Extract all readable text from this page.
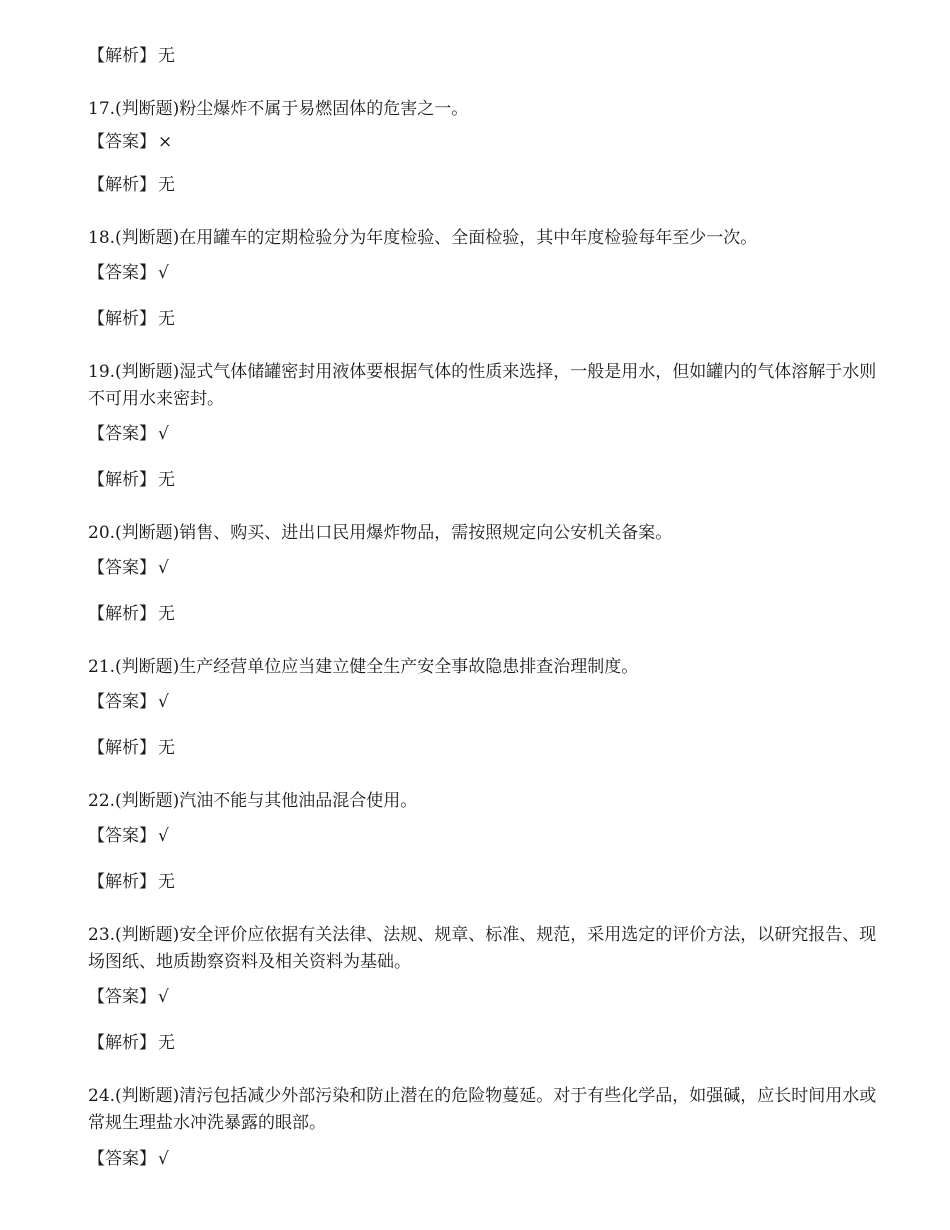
【解析】 无

17.(判断题)粉尘爆炸不属于易燃固体的危害之一。

【答案】 ×

【解析】 无

18.(判断题)在用罐车的定期检验分为年度检验、全面检验，其中年度检验每年至少一次。

【答案】 √

【解析】 无

19.(判断题)湿式气体储罐密封用液体要根据气体的性质来选择，一般是用水，但如罐内的气体溶解于水则不可用水来密封。

【答案】 √

【解析】 无

20.(判断题)销售、购买、进出口民用爆炸物品，需按照规定向公安机关备案。

【答案】 √

【解析】 无

21.(判断题)生产经营单位应当建立健全生产安全事故隐患排查治理制度。

【答案】 √

【解析】 无

22.(判断题)汽油不能与其他油品混合使用。

【答案】 √

【解析】 无

23.(判断题)安全评价应依据有关法律、法规、规章、标准、规范，采用选定的评价方法，以研究报告、现场图纸、地质勘察资料及相关资料为基础。

【答案】 √

【解析】 无

24.(判断题)清污包括减少外部污染和防止潜在的危险物蔓延。对于有些化学品，如强碱，应长时间用水或常规生理盐水冲洗暴露的眼部。

【答案】 √
